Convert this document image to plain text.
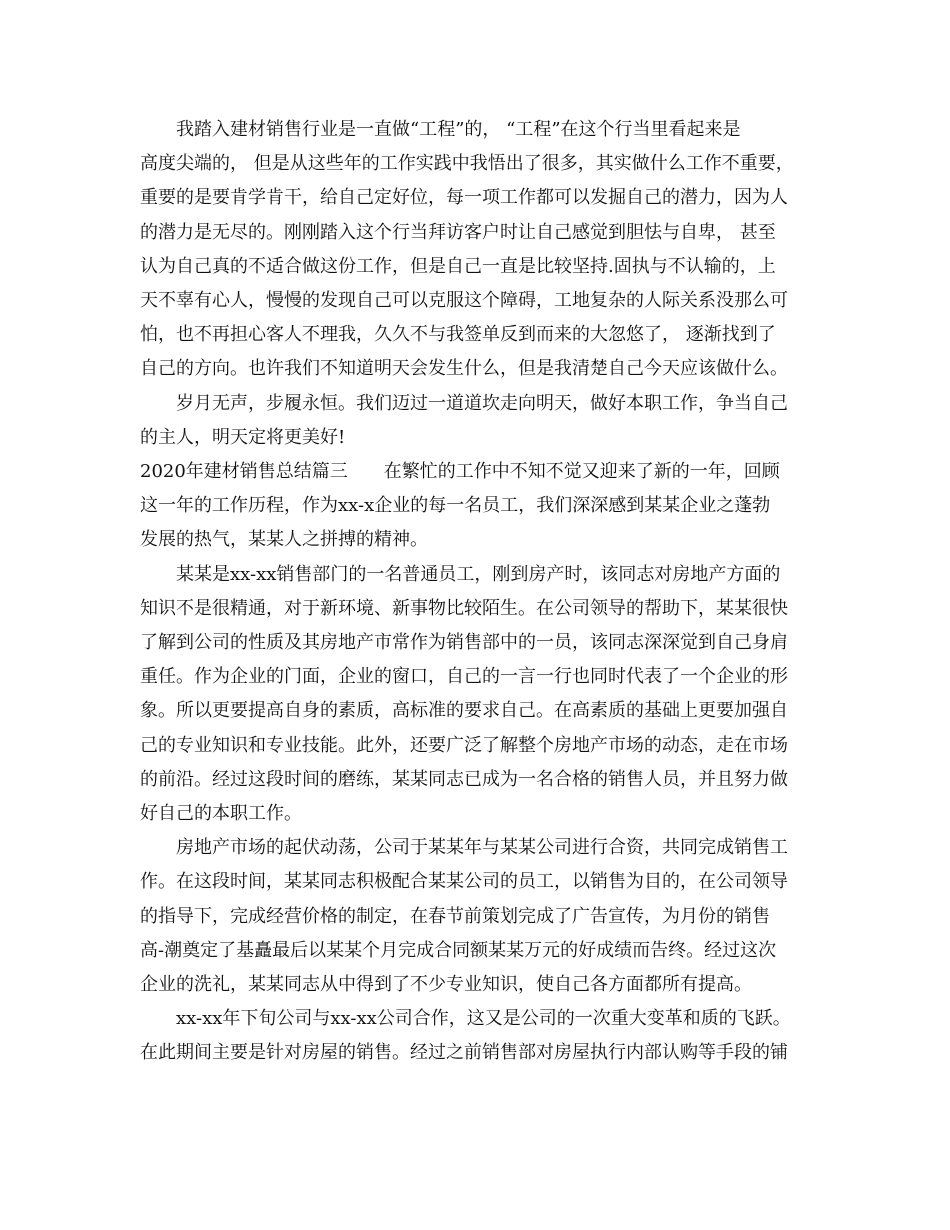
我踏入建材销售行业是一直做“工程”的， “工程”在这个行当里看起来是
高度尖端的， 但是从这些年的工作实践中我悟出了很多，其实做什么工作不重要，
重要的是要肯学肯干，给自己定好位，每一项工作都可以发掘自己的潜力，因为人
的潜力是无尽的。刚刚踏入这个行当拜访客户时让自己感觉到胆怯与自卑， 甚至
认为自己真的不适合做这份工作，但是自己一直是比较坚持.固执与不认输的，上
天不辜有心人，慢慢的发现自己可以克服这个障碍，工地复杂的人际关系没那么可
怕，也不再担心客人不理我，久久不与我签单反到而来的大忽悠了， 逐渐找到了
自己的方向。也许我们不知道明天会发生什么，但是我清楚自己今天应该做什么。
岁月无声，步履永恒。我们迈过一道道坎走向明天，做好本职工作，争当自己
的主人，明天定将更美好!
2020年建材销售总结篇三　　在繁忙的工作中不知不觉又迎来了新的一年，回顾
这一年的工作历程，作为xx-x企业的每一名员工，我们深深感到某某企业之蓬勃
发展的热气，某某人之拼搏的精神。
某某是xx-xx销售部门的一名普通员工，刚到房产时，该同志对房地产方面的
知识不是很精通，对于新环境、新事物比较陌生。在公司领导的帮助下，某某很快
了解到公司的性质及其房地产市常作为销售部中的一员，该同志深深觉到自己身肩
重任。作为企业的门面，企业的窗口，自己的一言一行也同时代表了一个企业的形
象。所以更要提高自身的素质，高标准的要求自己。在高素质的基础上更要加强自
己的专业知识和专业技能。此外，还要广泛了解整个房地产市场的动态，走在市场
的前沿。经过这段时间的磨练，某某同志已成为一名合格的销售人员，并且努力做
好自己的本职工作。
房地产市场的起伏动荡，公司于某某年与某某公司进行合资，共同完成销售工
作。在这段时间，某某同志积极配合某某公司的员工，以销售为目的，在公司领导
的指导下，完成经营价格的制定，在春节前策划完成了广告宣传，为月份的销售
高-潮奠定了基矗最后以某某个月完成合同额某某万元的好成绩而告终。经过这次
企业的洗礼，某某同志从中得到了不少专业知识，使自己各方面都所有提高。
xx-xx年下旬公司与xx-xx公司合作，这又是公司的一次重大变革和质的飞跃。
在此期间主要是针对房屋的销售。经过之前销售部对房屋执行内部认购等手段的铺
